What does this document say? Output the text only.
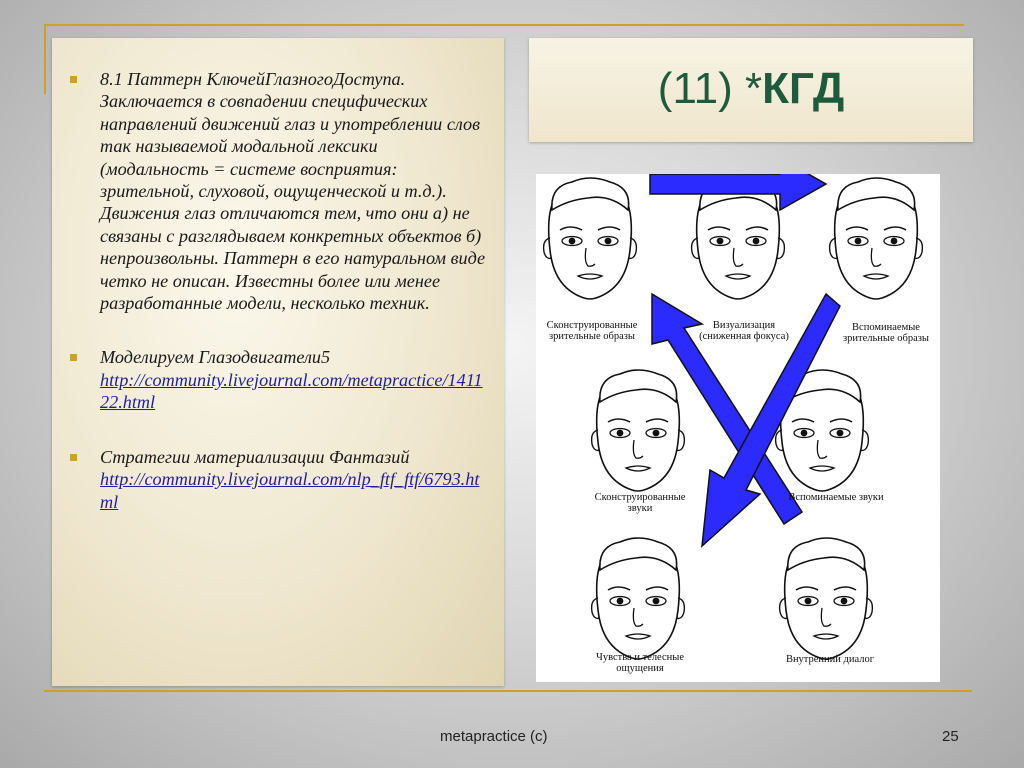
8.1 Паттерн КлючейГлазногоДоступа. Заключается в совпадении специфических направлений движений глаз и употреблении слов так называемой модальной лексики (модальность = системе восприятия: зрительной, слуховой, ощущенческой и т.д.). Движения глаз отличаются тем, что они а) не связаны с разглядываем конкретных объектов б) непроизвольны. Паттерн в его натуральном виде четко не описан. Известны более или менее разработанные модели, несколько техник.
Моделируем Глазодвигатели5
http://community.livejournal.com/metapractice/141122.html
Стратегии материализации Фантазий
http://community.livejournal.com/nlp_ftf_ftf/6793.html
(11) *КГД
Сконструированные зрительные образы
Визуализация (сниженная фокуса)
Вспоминаемые зрительные образы
Сконструированные звуки
Вспоминаемые звуки
Чувства и телесные ощущения
Внутренний диалог
metapractice (c)	25
